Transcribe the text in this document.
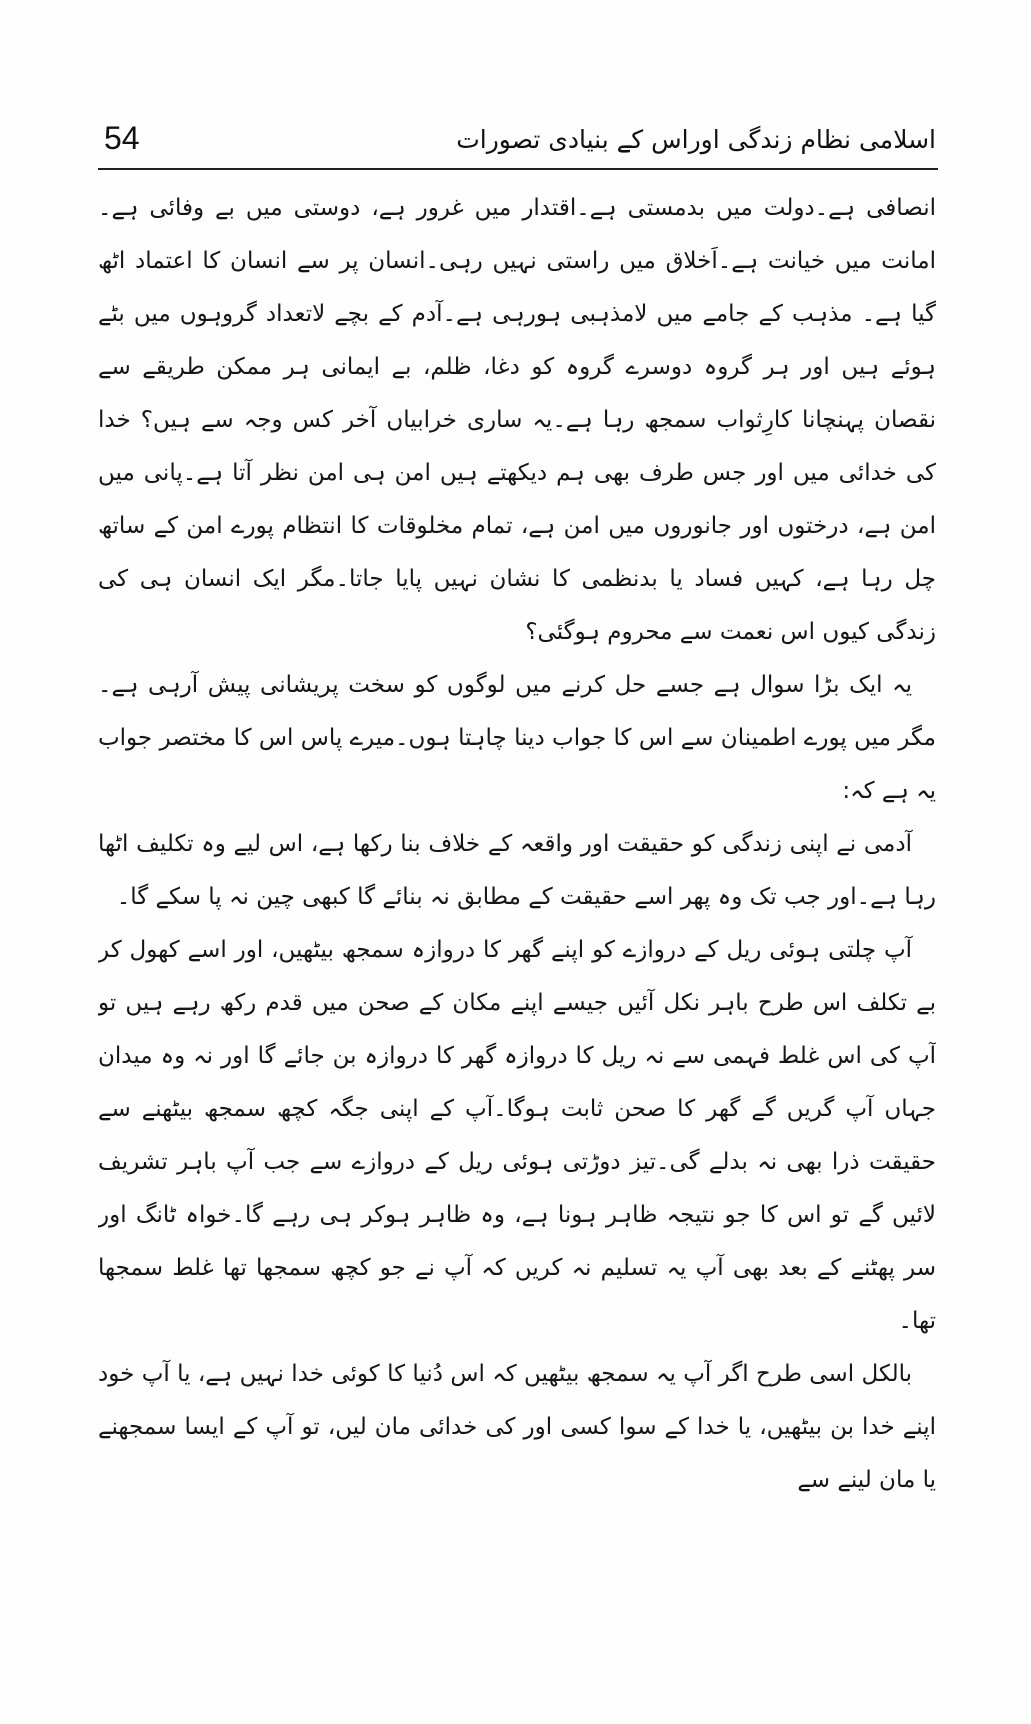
54	اسلامی نظام زندگی اوراس کے بنیادی تصورات

انصافی ہے۔دولت میں بدمستی ہے۔اقتدار میں غرور ہے، دوستی میں بے وفائی ہے۔امانت میں خیانت ہے۔اَخلاق میں راستی نہیں رہی۔انسان پر سے انسان کا اعتماد اٹھ گیا ہے۔ مذہب کے جامے میں لامذہبی ہورہی ہے۔آدم کے بچے لاتعداد گروہوں میں بٹے ہوئے ہیں اور ہر گروہ دوسرے گروہ کو دغا، ظلم، بے ایمانی ہر ممکن طریقے سے نقصان پہنچانا کارِثواب سمجھ رہا ہے۔یہ ساری خرابیاں آخر کس وجہ سے ہیں؟ خدا کی خدائی میں اور جس طرف بھی ہم دیکھتے ہیں امن ہی امن نظر آتا ہے۔پانی میں امن ہے، درختوں اور جانوروں میں امن ہے، تمام مخلوقات کا انتظام پورے امن کے ساتھ چل رہا ہے، کہیں فساد یا بدنظمی کا نشان نہیں پایا جاتا۔مگر ایک انسان ہی کی زندگی کیوں اس نعمت سے محروم ہوگئی؟

یہ ایک بڑا سوال ہے جسے حل کرنے میں لوگوں کو سخت پریشانی پیش آرہی ہے۔مگر میں پورے اطمینان سے اس کا جواب دینا چاہتا ہوں۔میرے پاس اس کا مختصر جواب یہ ہے کہ:

آدمی نے اپنی زندگی کو حقیقت اور واقعہ کے خلاف بنا رکھا ہے، اس لیے وہ تکلیف اٹھا رہا ہے۔اور جب تک وہ پھر اسے حقیقت کے مطابق نہ بنائے گا کبھی چین نہ پا سکے گا۔

آپ چلتی ہوئی ریل کے دروازے کو اپنے گھر کا دروازہ سمجھ بیٹھیں، اور اسے کھول کر بے تکلف اس طرح باہر نکل آئیں جیسے اپنے مکان کے صحن میں قدم رکھ رہے ہیں تو آپ کی اس غلط فہمی سے نہ ریل کا دروازہ گھر کا دروازہ بن جائے گا اور نہ وہ میدان جہاں آپ گریں گے گھر کا صحن ثابت ہوگا۔آپ کے اپنی جگہ کچھ سمجھ بیٹھنے سے حقیقت ذرا بھی نہ بدلے گی۔تیز دوڑتی ہوئی ریل کے دروازے سے جب آپ باہر تشریف لائیں گے تو اس کا جو نتیجہ ظاہر ہونا ہے، وہ ظاہر ہوکر ہی رہے گا۔خواہ ٹانگ اور سر پھٹنے کے بعد بھی آپ یہ تسلیم نہ کریں کہ آپ نے جو کچھ سمجھا تھا غلط سمجھا تھا۔

بالکل اسی طرح اگر آپ یہ سمجھ بیٹھیں کہ اس دُنیا کا کوئی خدا نہیں ہے، یا آپ خود اپنے خدا بن بیٹھیں، یا خدا کے سوا کسی اور کی خدائی مان لیں، تو آپ کے ایسا سمجھنے یا مان لینے سے
